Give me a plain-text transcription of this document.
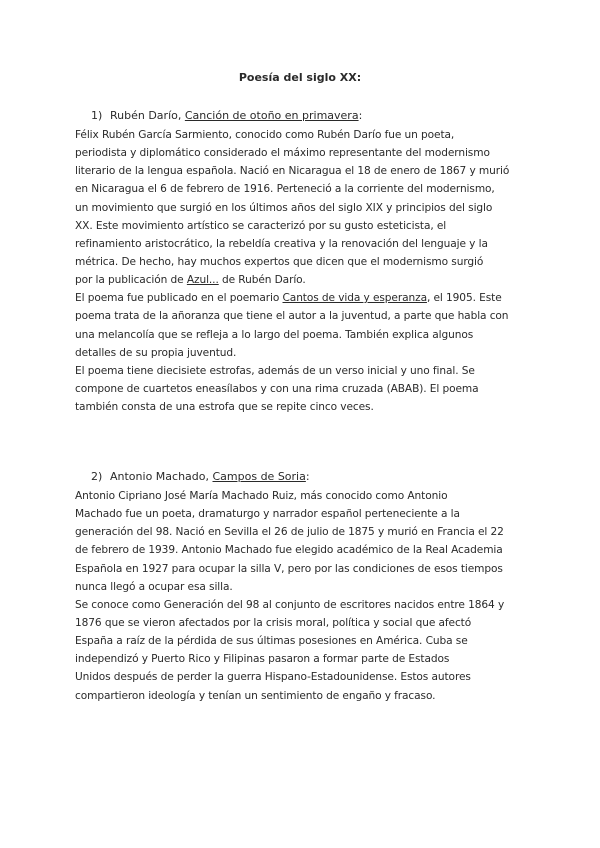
Poesía del siglo XX:
1) Rubén Darío, Canción de otoño en primavera:
Félix Rubén García Sarmiento, conocido como Rubén Darío fue un poeta,
periodista y diplomático considerado el máximo representante del modernismo
literario de la lengua española. Nació en Nicaragua el 18 de enero de 1867 y murió
en Nicaragua el 6 de febrero de 1916. Perteneció a la corriente del modernismo,
un movimiento que surgió en los últimos años del siglo XIX y principios del siglo
XX. Este movimiento artístico se caracterizó por su gusto esteticista, el
refinamiento aristocrático, la rebeldía creativa y la renovación del lenguaje y la
métrica. De hecho, hay muchos expertos que dicen que el modernismo surgió
por la publicación de Azul... de Rubén Darío.
El poema fue publicado en el poemario Cantos de vida y esperanza, el 1905. Este
poema trata de la añoranza que tiene el autor a la juventud, a parte que habla con
una melancolía que se refleja a lo largo del poema. También explica algunos
detalles de su propia juventud.
El poema tiene diecisiete estrofas, además de un verso inicial y uno final. Se
compone de cuartetos eneasílabos y con una rima cruzada (ABAB). El poema
también consta de una estrofa que se repite cinco veces.
2) Antonio Machado, Campos de Soria:
Antonio Cipriano José María Machado Ruiz, más conocido como Antonio
Machado fue un poeta, dramaturgo y narrador español perteneciente a la
generación del 98. Nació en Sevilla el 26 de julio de 1875 y murió en Francia el 22
de febrero de 1939. Antonio Machado fue elegido académico de la Real Academia
Española en 1927 para ocupar la silla V, pero por las condiciones de esos tiempos
nunca llegó a ocupar esa silla.
Se conoce como Generación del 98 al conjunto de escritores nacidos entre 1864 y
1876 que se vieron afectados por la crisis moral, política y social que afectó
España a raíz de la pérdida de sus últimas posesiones en América. Cuba se
independizó y Puerto Rico y Filipinas pasaron a formar parte de Estados
Unidos después de perder la guerra Hispano-Estadounidense. Estos autores
compartieron ideología y tenían un sentimiento de engaño y fracaso.
